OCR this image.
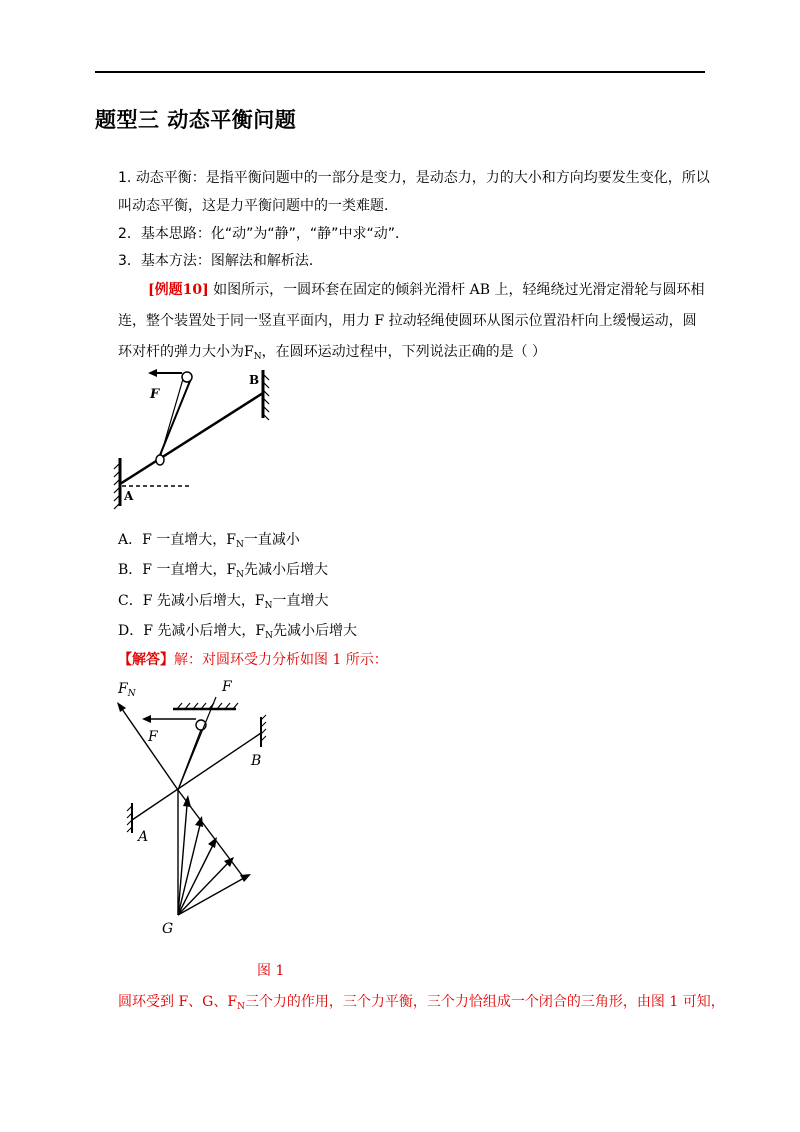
题型三 动态平衡问题
1. 动态平衡：是指平衡问题中的一部分是变力，是动态力，力的大小和方向均要发生变化，所以
叫动态平衡，这是力平衡问题中的一类难题．
2．基本思路：化“动”为“静”，“静”中求“动”．
3．基本方法：图解法和解析法．
[例题10] 如图所示，一圆环套在固定的倾斜光滑杆 AB 上，轻绳绕过光滑定滑轮与圆环相
连，整个装置处于同一竖直平面内，用力 F 拉动轻绳使圆环从图示位置沿杆向上缓慢运动，圆
环对杆的弹力大小为$F_N$，在圆环运动过程中，下列说法正确的是（ ）
F
A
B
A．F 一直增大，$F_N$一直减小
B．F 一直增大，$F_N$先减小后增大
C．F 先减小后增大，$F_N$一直增大
D．F 先减小后增大，$F_N$先减小后增大
【解答】解：对圆环受力分析如图 1 所示：
$F_N$	F
F
B
A
G
图 1
圆环受到 F、G、$F_N$三个力的作用，三个力平衡，三个力恰组成一个闭合的三角形，由图 1 可知，
